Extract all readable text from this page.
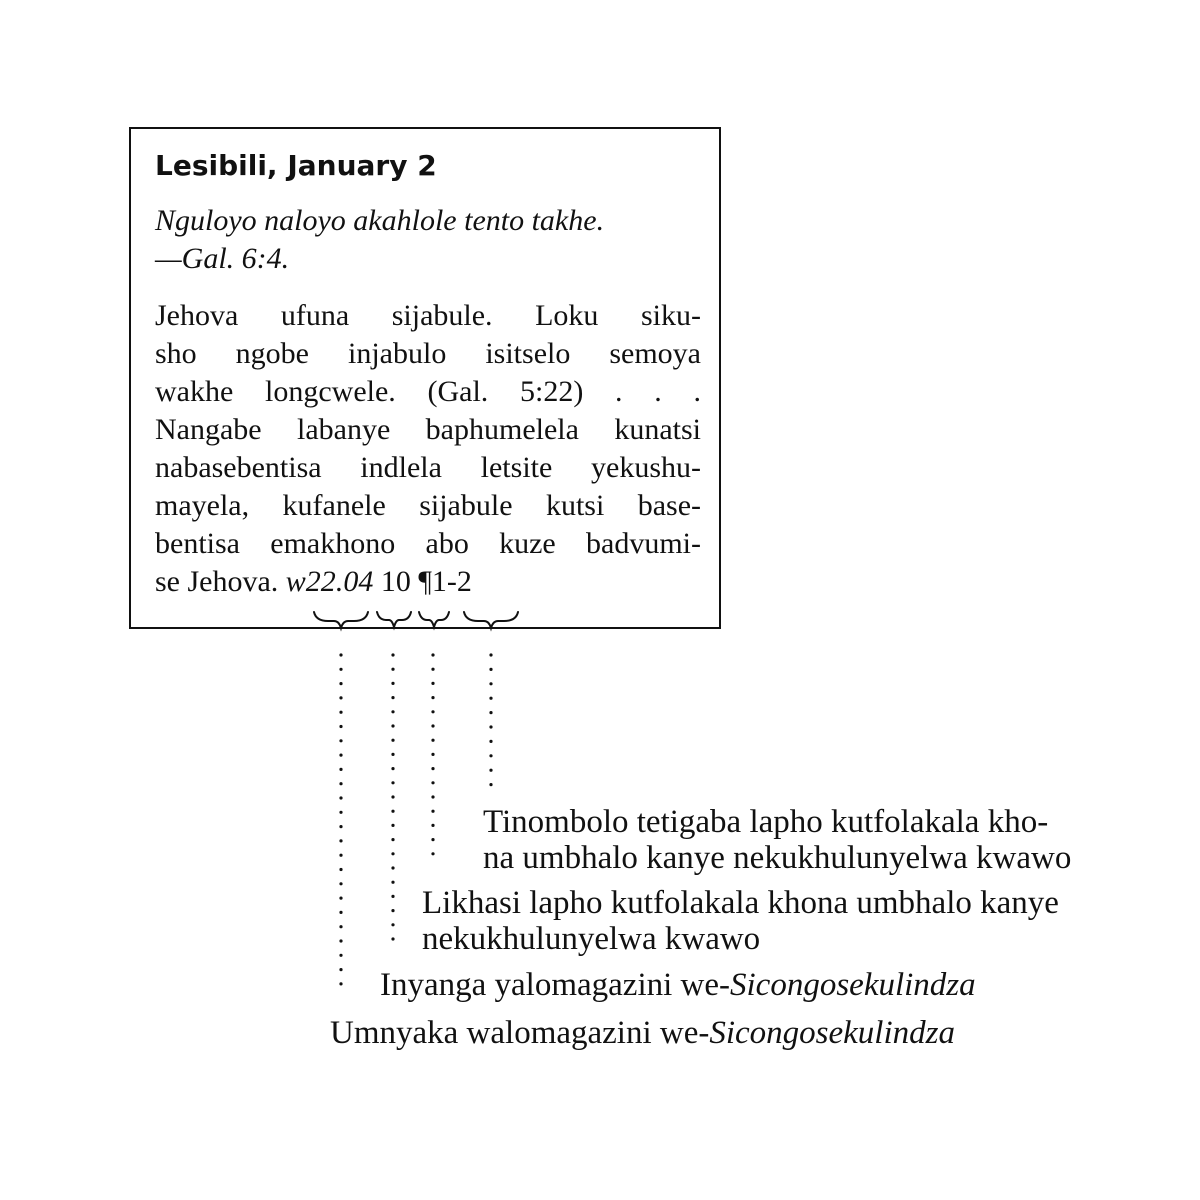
Lesibili, January 2
Nguloyo naloyo akahlole tento takhe.
—Gal. 6:4.
Jehova ufuna sijabule. Loku siku-
sho ngobe injabulo isitselo semoya
wakhe longcwele. (Gal. 5:22) . . .
Nangabe labanye baphumelela kunatsi
nabasebentisa indlela letsite yekushu-
mayela, kufanele sijabule kutsi base-
bentisa emakhono abo kuze badvumi-
se Jehova. w22.04 10 ¶1-2
Tinombolo tetigaba lapho kutfolakala kho-
na umbhalo kanye nekukhulunyelwa kwawo
Likhasi lapho kutfolakala khona umbhalo kanye
nekukhulunyelwa kwawo
Inyanga yalomagazini we-Sicongosekulindza
Umnyaka walomagazini we-Sicongosekulindza
